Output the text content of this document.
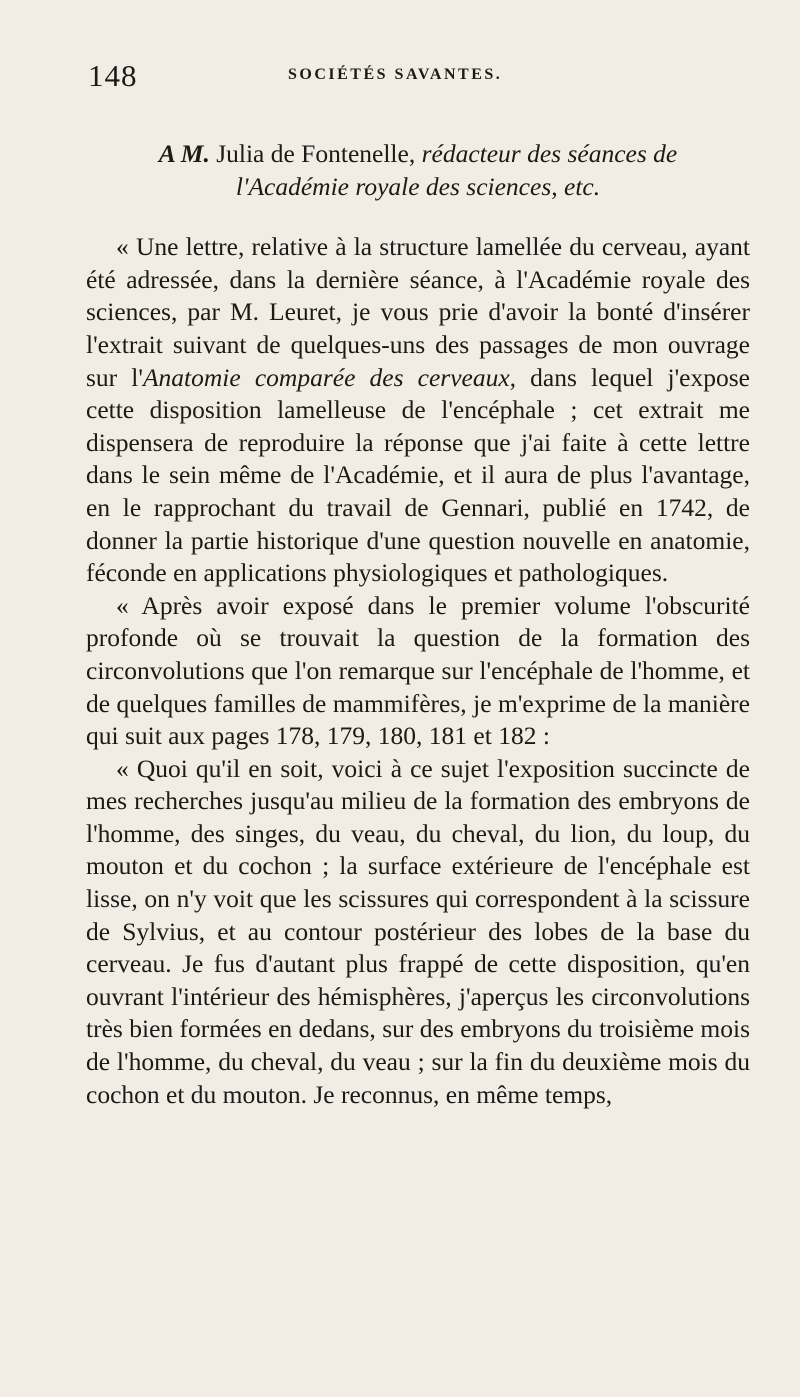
148	SOCIÉTÉS SAVANTES.
A M. Julia de Fontenelle, rédacteur des séances de
l'Académie royale des sciences, etc.

« Une lettre, relative à la structure lamellée du cerveau, ayant été adressée, dans la dernière séance, à l'Académie royale des sciences, par M. Leuret, je vous prie d'avoir la bonté d'insérer l'extrait suivant de quelques-uns des passages de mon ouvrage sur l'Anatomie comparée des cerveaux, dans lequel j'expose cette disposition lamelleuse de l'encéphale ; cet extrait me dispensera de reproduire la réponse que j'ai faite à cette lettre dans le sein même de l'Académie, et il aura de plus l'avantage, en le rapprochant du travail de Gennari, publié en 1742, de donner la partie historique d'une question nouvelle en anatomie, féconde en applications physiologiques et pathologiques.

« Après avoir exposé dans le premier volume l'obscurité profonde où se trouvait la question de la formation des circonvolutions que l'on remarque sur l'encéphale de l'homme, et de quelques familles de mammifères, je m'exprime de la manière qui suit aux pages 178, 179, 180, 181 et 182 :

« Quoi qu'il en soit, voici à ce sujet l'exposition succincte de mes recherches jusqu'au milieu de la formation des embryons de l'homme, des singes, du veau, du cheval, du lion, du loup, du mouton et du cochon ; la surface extérieure de l'encéphale est lisse, on n'y voit que les scissures qui correspondent à la scissure de Sylvius, et au contour postérieur des lobes de la base du cerveau. Je fus d'autant plus frappé de cette disposition, qu'en ouvrant l'intérieur des hémisphères, j'aperçus les circonvolutions très bien formées en dedans, sur des embryons du troisième mois de l'homme, du cheval, du veau ; sur la fin du deuxième mois du cochon et du mouton. Je reconnus, en même temps,
